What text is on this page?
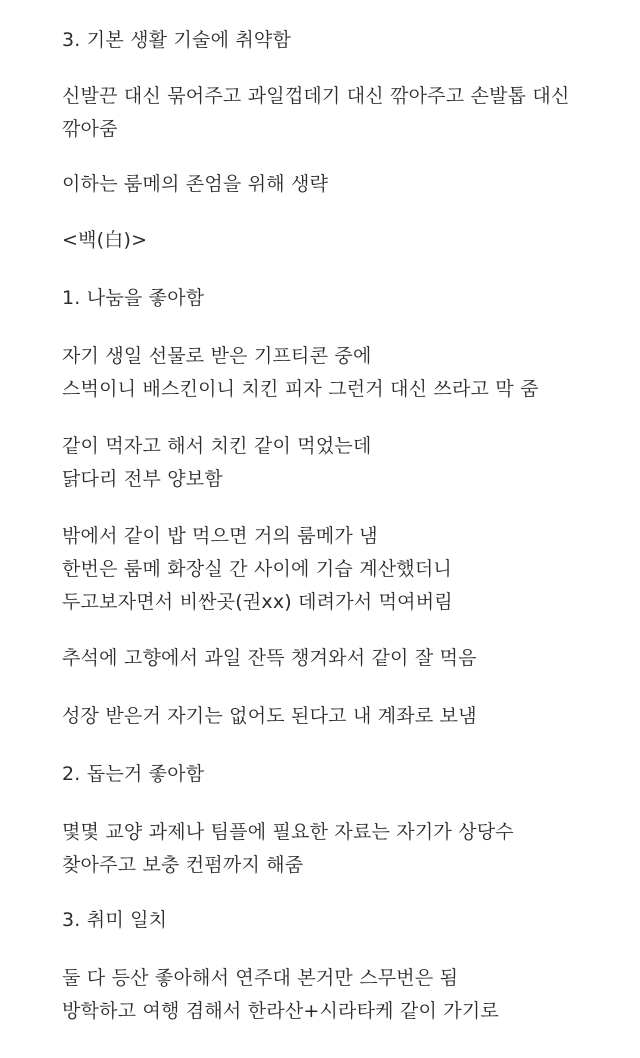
3. 기본 생활 기술에 취약함

신발끈 대신 묶어주고 과일껍데기 대신 깎아주고 손발톱 대신
깎아줌

이하는 룸메의 존엄을 위해 생략

<백(白)>

1. 나눔을 좋아함

자기 생일 선물로 받은 기프티콘 중에
스벅이니 배스킨이니 치킨 피자 그런거 대신 쓰라고 막 줌

같이 먹자고 해서 치킨 같이 먹었는데
닭다리 전부 양보함

밖에서 같이 밥 먹으면 거의 룸메가 냄
한번은 룸메 화장실 간 사이에 기습 계산했더니
두고보자면서 비싼곳(권xx) 데려가서 먹여버림

추석에 고향에서 과일 잔뜩 챙겨와서 같이 잘 먹음

성장 받은거 자기는 없어도 된다고 내 계좌로 보냄

2. 돕는거 좋아함

몇몇 교양 과제나 팀플에 필요한 자료는 자기가 상당수
찾아주고 보충 컨펌까지 해줌

3. 취미 일치

둘 다 등산 좋아해서 연주대 본거만 스무번은 됨
방학하고 여행 겸해서 한라산+시라타케 같이 가기로
